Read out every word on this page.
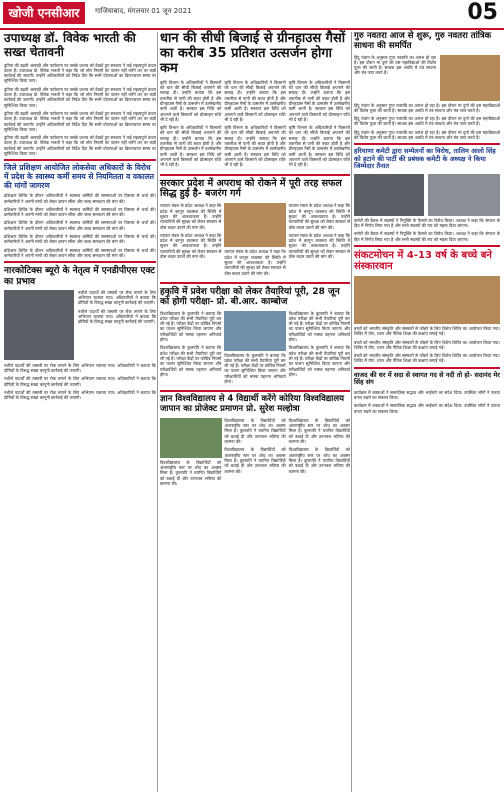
खोजी एनसीआर	गाजियाबाद, मंगलवार 01 जून 2021	05
उपाध्यक्ष डॉ. विवेक भारती की सख्त चेतावनी

दुनिया की बढ़ती आबादी और पर्यावरण पर उसके प्रभाव को देखते हुए सरकार ने कई महत्वपूर्ण कदम उठाए हैं। उपाध्यक्ष डॉ. विवेक भारती ने कहा कि जो लोग नियमों का पालन नहीं करेंगे उन पर कड़ी कार्रवाई की जाएगी। उन्होंने अधिकारियों को निर्देश दिए कि सभी योजनाओं का क्रियान्वयन समय पर सुनिश्चित किया जाए।

दुनिया की बढ़ती आबादी और पर्यावरण पर उसके प्रभाव को देखते हुए सरकार ने कई महत्वपूर्ण कदम उठाए हैं। उपाध्यक्ष डॉ. विवेक भारती ने कहा कि जो लोग नियमों का पालन नहीं करेंगे उन पर कड़ी कार्रवाई की जाएगी। उन्होंने अधिकारियों को निर्देश दिए कि सभी योजनाओं का क्रियान्वयन समय पर सुनिश्चित किया जाए।

दुनिया की बढ़ती आबादी और पर्यावरण पर उसके प्रभाव को देखते हुए सरकार ने कई महत्वपूर्ण कदम उठाए हैं। उपाध्यक्ष डॉ. विवेक भारती ने कहा कि जो लोग नियमों का पालन नहीं करेंगे उन पर कड़ी कार्रवाई की जाएगी। उन्होंने अधिकारियों को निर्देश दिए कि सभी योजनाओं का क्रियान्वयन समय पर सुनिश्चित किया जाए।

दुनिया की बढ़ती आबादी और पर्यावरण पर उसके प्रभाव को देखते हुए सरकार ने कई महत्वपूर्ण कदम उठाए हैं। उपाध्यक्ष डॉ. विवेक भारती ने कहा कि जो लोग नियमों का पालन नहीं करेंगे उन पर कड़ी कार्रवाई की जाएगी। उन्होंने अधिकारियों को निर्देश दिए कि सभी योजनाओं का क्रियान्वयन समय पर सुनिश्चित किया जाए।

जिले प्रशिक्षण आयोजित लोकसेवा अधिकारों के विरोध में प्रदेश के स्वास्थ्य कर्मी समय से नियमितता व वकालत की मांगों जागरण

प्रशिक्षण शिविर के दौरान अधिकारियों ने स्वास्थ्य कर्मियों की समस्याओं पर विस्तार से चर्चा की। कर्मचारियों ने अपनी मांगों को लेकर ज्ञापन सौंपा और जल्द समाधान की मांग की।

प्रशिक्षण शिविर के दौरान अधिकारियों ने स्वास्थ्य कर्मियों की समस्याओं पर विस्तार से चर्चा की। कर्मचारियों ने अपनी मांगों को लेकर ज्ञापन सौंपा और जल्द समाधान की मांग की।

प्रशिक्षण शिविर के दौरान अधिकारियों ने स्वास्थ्य कर्मियों की समस्याओं पर विस्तार से चर्चा की। कर्मचारियों ने अपनी मांगों को लेकर ज्ञापन सौंपा और जल्द समाधान की मांग की।

प्रशिक्षण शिविर के दौरान अधिकारियों ने स्वास्थ्य कर्मियों की समस्याओं पर विस्तार से चर्चा की। कर्मचारियों ने अपनी मांगों को लेकर ज्ञापन सौंपा और जल्द समाधान की मांग की।

प्रशिक्षण शिविर के दौरान अधिकारियों ने स्वास्थ्य कर्मियों की समस्याओं पर विस्तार से चर्चा की। कर्मचारियों ने अपनी मांगों को लेकर ज्ञापन सौंपा और जल्द समाधान की मांग की।

नारकोटिक्स ब्यूरो के नेतृत्व में एनडीपीएस एक्ट का प्रभाव

नशीले पदार्थों की तस्करी पर रोक लगाने के लिए अभियान चलाया गया। अधिकारियों ने बताया कि दोषियों के विरुद्ध सख्त कानूनी कार्रवाई की जाएगी।

नशीले पदार्थों की तस्करी पर रोक लगाने के लिए अभियान चलाया गया। अधिकारियों ने बताया कि दोषियों के विरुद्ध सख्त कानूनी कार्रवाई की जाएगी।

नशीले पदार्थों की तस्करी पर रोक लगाने के लिए अभियान चलाया गया। अधिकारियों ने बताया कि दोषियों के विरुद्ध सख्त कानूनी कार्रवाई की जाएगी।

नशीले पदार्थों की तस्करी पर रोक लगाने के लिए अभियान चलाया गया। अधिकारियों ने बताया कि दोषियों के विरुद्ध सख्त कानूनी कार्रवाई की जाएगी।

नशीले पदार्थों की तस्करी पर रोक लगाने के लिए अभियान चलाया गया। अधिकारियों ने बताया कि दोषियों के विरुद्ध सख्त कानूनी कार्रवाई की जाएगी।

धान की सीधी बिजाई से ग्रीनहाउस गैसों का करीब 35 प्रतिशत उत्सर्जन होगा कम

कृषि विभाग के अधिकारियों ने किसानों को धान की सीधी बिजाई अपनाने की सलाह दी। उन्होंने बताया कि इस तकनीक से पानी की बचत होती है और ग्रीनहाउस गैसों के उत्सर्जन में उल्लेखनीय कमी आती है। सरकार इस विधि को अपनाने वाले किसानों को प्रोत्साहन राशि भी दे रही है।

कृषि विभाग के अधिकारियों ने किसानों को धान की सीधी बिजाई अपनाने की सलाह दी। उन्होंने बताया कि इस तकनीक से पानी की बचत होती है और ग्रीनहाउस गैसों के उत्सर्जन में उल्लेखनीय कमी आती है। सरकार इस विधि को अपनाने वाले किसानों को प्रोत्साहन राशि भी दे रही है।

कृषि विभाग के अधिकारियों ने किसानों को धान की सीधी बिजाई अपनाने की सलाह दी। उन्होंने बताया कि इस तकनीक से पानी की बचत होती है और ग्रीनहाउस गैसों के उत्सर्जन में उल्लेखनीय कमी आती है। सरकार इस विधि को अपनाने वाले किसानों को प्रोत्साहन राशि भी दे रही है।

कृषि विभाग के अधिकारियों ने किसानों को धान की सीधी बिजाई अपनाने की सलाह दी। उन्होंने बताया कि इस तकनीक से पानी की बचत होती है और ग्रीनहाउस गैसों के उत्सर्जन में उल्लेखनीय कमी आती है। सरकार इस विधि को अपनाने वाले किसानों को प्रोत्साहन राशि भी दे रही है।

कृषि विभाग के अधिकारियों ने किसानों को धान की सीधी बिजाई अपनाने की सलाह दी। उन्होंने बताया कि इस तकनीक से पानी की बचत होती है और ग्रीनहाउस गैसों के उत्सर्जन में उल्लेखनीय कमी आती है। सरकार इस विधि को अपनाने वाले किसानों को प्रोत्साहन राशि भी दे रही है।

कृषि विभाग के अधिकारियों ने किसानों को धान की सीधी बिजाई अपनाने की सलाह दी। उन्होंने बताया कि इस तकनीक से पानी की बचत होती है और ग्रीनहाउस गैसों के उत्सर्जन में उल्लेखनीय कमी आती है। सरकार इस विधि को अपनाने वाले किसानों को प्रोत्साहन राशि भी दे रही है।

सरकार प्रदेश में अपराध को रोकने में पूरी तरह सफल सिद्ध हुई है- बजरंग गर्ग

व्यापार मंडल के प्रदेश अध्यक्ष ने कहा कि प्रदेश में कानून व्यवस्था की स्थिति में सुधार की आवश्यकता है। उन्होंने व्यापारियों की सुरक्षा को लेकर सरकार से ठोस कदम उठाने की मांग की।

व्यापार मंडल के प्रदेश अध्यक्ष ने कहा कि प्रदेश में कानून व्यवस्था की स्थिति में सुधार की आवश्यकता है। उन्होंने व्यापारियों की सुरक्षा को लेकर सरकार से ठोस कदम उठाने की मांग की।

व्यापार मंडल के प्रदेश अध्यक्ष ने कहा कि प्रदेश में कानून व्यवस्था की स्थिति में सुधार की आवश्यकता है। उन्होंने व्यापारियों की सुरक्षा को लेकर सरकार से ठोस कदम उठाने की मांग की।

व्यापार मंडल के प्रदेश अध्यक्ष ने कहा कि प्रदेश में कानून व्यवस्था की स्थिति में सुधार की आवश्यकता है। उन्होंने व्यापारियों की सुरक्षा को लेकर सरकार से ठोस कदम उठाने की मांग की।

व्यापार मंडल के प्रदेश अध्यक्ष ने कहा कि प्रदेश में कानून व्यवस्था की स्थिति में सुधार की आवश्यकता है। उन्होंने व्यापारियों की सुरक्षा को लेकर सरकार से ठोस कदम उठाने की मांग की।

हकृवि में प्रवेश परीक्षा को लेकर तैयारियां पूरी, 28 जून को होगी परीक्षा- प्रो. बी.आर. काम्बोज

विश्वविद्यालय के कुलपति ने बताया कि प्रवेश परीक्षा की सभी तैयारियां पूरी कर ली गई हैं। परीक्षा केंद्रों पर कोविड नियमों का पालन सुनिश्चित किया जाएगा और परीक्षार्थियों को मास्क पहनना अनिवार्य होगा।

विश्वविद्यालय के कुलपति ने बताया कि प्रवेश परीक्षा की सभी तैयारियां पूरी कर ली गई हैं। परीक्षा केंद्रों पर कोविड नियमों का पालन सुनिश्चित किया जाएगा और परीक्षार्थियों को मास्क पहनना अनिवार्य होगा।

विश्वविद्यालय के कुलपति ने बताया कि प्रवेश परीक्षा की सभी तैयारियां पूरी कर ली गई हैं। परीक्षा केंद्रों पर कोविड नियमों का पालन सुनिश्चित किया जाएगा और परीक्षार्थियों को मास्क पहनना अनिवार्य होगा।

विश्वविद्यालय के कुलपति ने बताया कि प्रवेश परीक्षा की सभी तैयारियां पूरी कर ली गई हैं। परीक्षा केंद्रों पर कोविड नियमों का पालन सुनिश्चित किया जाएगा और परीक्षार्थियों को मास्क पहनना अनिवार्य होगा।

विश्वविद्यालय के कुलपति ने बताया कि प्रवेश परीक्षा की सभी तैयारियां पूरी कर ली गई हैं। परीक्षा केंद्रों पर कोविड नियमों का पालन सुनिश्चित किया जाएगा और परीक्षार्थियों को मास्क पहनना अनिवार्य होगा।

ज्ञान विश्वविद्यालय से 4 विद्यार्थी करेंगे कोरिया विश्वविद्यालय जापान का प्रोजेक्ट प्रमाणन प्रो. सुरेश मल्होत्रा

विश्वविद्यालय के विद्यार्थियों को अंतरराष्ट्रीय स्तर पर शोध का अवसर मिला है। कुलपति ने चयनित विद्यार्थियों को बधाई दी और उज्ज्वल भविष्य की कामना की।

विश्वविद्यालय के विद्यार्थियों को अंतरराष्ट्रीय स्तर पर शोध का अवसर मिला है। कुलपति ने चयनित विद्यार्थियों को बधाई दी और उज्ज्वल भविष्य की कामना की।

विश्वविद्यालय के विद्यार्थियों को अंतरराष्ट्रीय स्तर पर शोध का अवसर मिला है। कुलपति ने चयनित विद्यार्थियों को बधाई दी और उज्ज्वल भविष्य की कामना की।

विश्वविद्यालय के विद्यार्थियों को अंतरराष्ट्रीय स्तर पर शोध का अवसर मिला है। कुलपति ने चयनित विद्यार्थियों को बधाई दी और उज्ज्वल भविष्य की कामना की।

विश्वविद्यालय के विद्यार्थियों को अंतरराष्ट्रीय स्तर पर शोध का अवसर मिला है। कुलपति ने चयनित विद्यार्थियों को बधाई दी और उज्ज्वल भविष्य की कामना की।

गुरु नवतरा आज से शुरू, गुरु नवतरा तांत्रिक साधना की समर्पित

हिंदू पंचांग के अनुसार गुप्त नवरात्रि का आरंभ हो रहा है। इस दौरान मां दुर्गा की दस महाविद्याओं की विशेष पूजा की जाती है। साधक इस अवधि में तंत्र साधना और मंत्र जाप करते हैं।

हिंदू पंचांग के अनुसार गुप्त नवरात्रि का आरंभ हो रहा है। इस दौरान मां दुर्गा की दस महाविद्याओं की विशेष पूजा की जाती है। साधक इस अवधि में तंत्र साधना और मंत्र जाप करते हैं।

हिंदू पंचांग के अनुसार गुप्त नवरात्रि का आरंभ हो रहा है। इस दौरान मां दुर्गा की दस महाविद्याओं की विशेष पूजा की जाती है। साधक इस अवधि में तंत्र साधना और मंत्र जाप करते हैं।

हिंदू पंचांग के अनुसार गुप्त नवरात्रि का आरंभ हो रहा है। इस दौरान मां दुर्गा की दस महाविद्याओं की विशेष पूजा की जाती है। साधक इस अवधि में तंत्र साधना और मंत्र जाप करते हैं।

हरियाणा कमेटी द्वारा सम्मेलनों का विरोध, तालिम आलो सिंह को हटाने की पार्टी की प्रबंधक कमेटी के अध्यक्ष ने किया जिम्मेदार तैनात

कमेटी की बैठक में सदस्यों ने नियुक्ति के फैसले का विरोध किया। अध्यक्ष ने कहा कि संगठन के हित में निर्णय लिया गया है और सभी सदस्यों की राय को महत्व दिया जाएगा।

कमेटी की बैठक में सदस्यों ने नियुक्ति के फैसले का विरोध किया। अध्यक्ष ने कहा कि संगठन के हित में निर्णय लिया गया है और सभी सदस्यों की राय को महत्व दिया जाएगा।

संकटमोचन में 4-13 वर्ष के बच्चे बने संस्कारवान

बच्चों को भारतीय संस्कृति और संस्कारों से जोड़ने के लिए विशेष शिविर का आयोजन किया गया। शिविर में योग, ध्यान और नैतिक शिक्षा की कक्षाएं लगाई गईं।

बच्चों को भारतीय संस्कृति और संस्कारों से जोड़ने के लिए विशेष शिविर का आयोजन किया गया। शिविर में योग, ध्यान और नैतिक शिक्षा की कक्षाएं लगाई गईं।

बच्चों को भारतीय संस्कृति और संस्कारों से जोड़ने के लिए विशेष शिविर का आयोजन किया गया। शिविर में योग, ध्यान और नैतिक शिक्षा की कक्षाएं लगाई गईं।

वाजद की धर में सदा से स्वागत गद से नदी तो हो- सदानंद मेर सिंह संग

कार्यक्रम में वक्ताओं ने सामाजिक सद्भाव और भाईचारे का संदेश दिया। उपस्थित लोगों ने एकता बनाए रखने का संकल्प लिया।

कार्यक्रम में वक्ताओं ने सामाजिक सद्भाव और भाईचारे का संदेश दिया। उपस्थित लोगों ने एकता बनाए रखने का संकल्प लिया।
